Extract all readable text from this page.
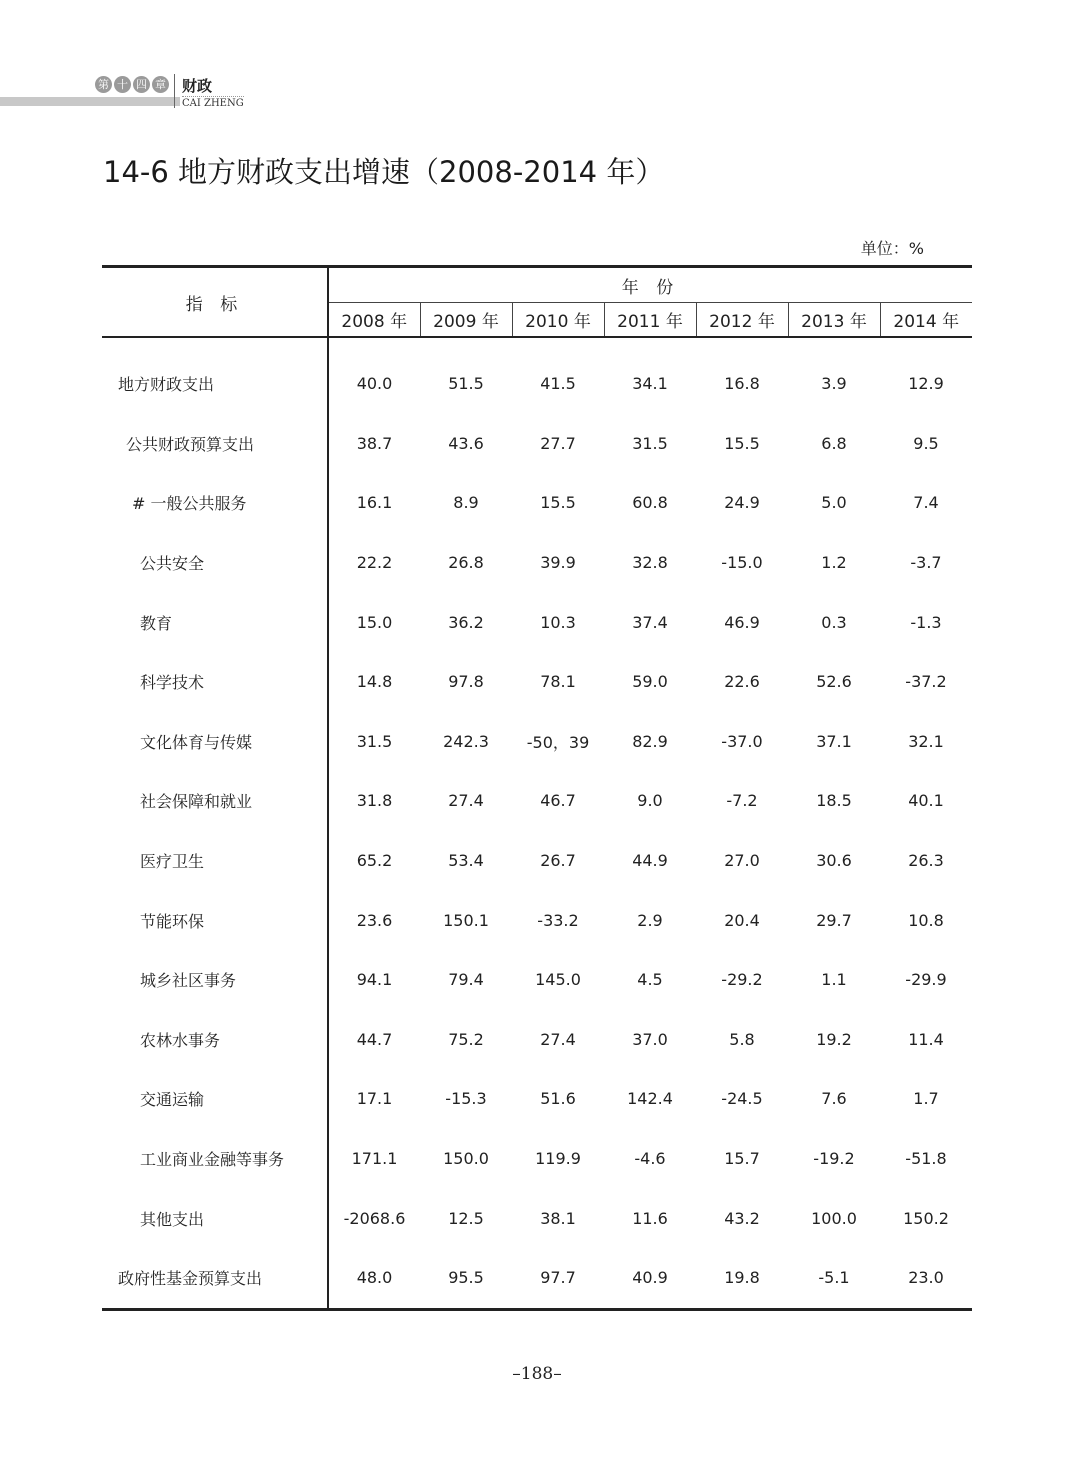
第 十 四 章 财政
CAI ZHENG
14-6 地方财政支出增速（2008-2014 年）
单位：%
指 标	年 份						
	2008 年	2009 年	2010 年	2011 年	2012 年	2013 年	2014 年
地方财政支出	40.0	51.5	41.5	34.1	16.8	3.9	12.9
公共财政预算支出	38.7	43.6	27.7	31.5	15.5	6.8	9.5
# 一般公共服务	16.1	8.9	15.5	60.8	24.9	5.0	7.4
公共安全	22.2	26.8	39.9	32.8	-15.0	1.2	-3.7
教育	15.0	36.2	10.3	37.4	46.9	0.3	-1.3
科学技术	14.8	97.8	78.1	59.0	22.6	52.6	-37.2
文化体育与传媒	31.5	242.3	-50，39	82.9	-37.0	37.1	32.1
社会保障和就业	31.8	27.4	46.7	9.0	-7.2	18.5	40.1
医疗卫生	65.2	53.4	26.7	44.9	27.0	30.6	26.3
节能环保	23.6	150.1	-33.2	2.9	20.4	29.7	10.8
城乡社区事务	94.1	79.4	145.0	4.5	-29.2	1.1	-29.9
农林水事务	44.7	75.2	27.4	37.0	5.8	19.2	11.4
交通运输	17.1	-15.3	51.6	142.4	-24.5	7.6	1.7
工业商业金融等事务	171.1	150.0	119.9	-4.6	15.7	-19.2	-51.8
其他支出	-2068.6	12.5	38.1	11.6	43.2	100.0	150.2
政府性基金预算支出	48.0	95.5	97.7	40.9	19.8	-5.1	23.0
–188–
